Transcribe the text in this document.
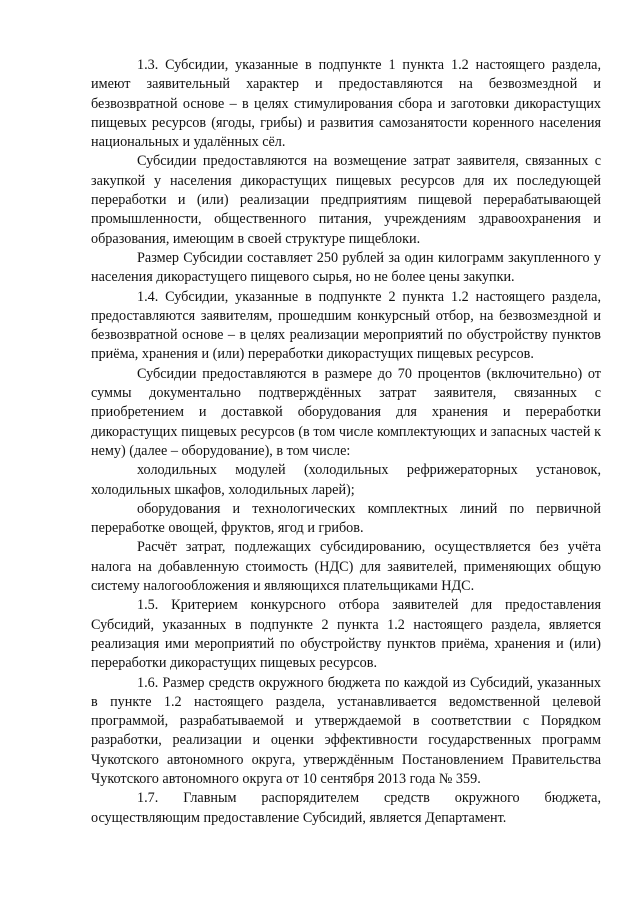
1.3. Субсидии, указанные в подпункте 1 пункта 1.2 настоящего раздела, имеют заявительный характер и предоставляются на безвозмездной и безвозвратной основе – в целях стимулирования сбора и заготовки дикорастущих пищевых ресурсов (ягоды, грибы) и развития самозанятости коренного населения национальных и удалённых сёл.

Субсидии предоставляются на возмещение затрат заявителя, связанных с закупкой у населения дикорастущих пищевых ресурсов для их последующей переработки и (или) реализации предприятиям пищевой перерабатывающей промышленности, общественного питания, учреждениям здравоохранения и образования, имеющим в своей структуре пищеблоки.

Размер Субсидии составляет 250 рублей за один килограмм закупленного у населения дикорастущего пищевого сырья, но не более цены закупки.

1.4. Субсидии, указанные в подпункте 2 пункта 1.2 настоящего раздела, предоставляются заявителям, прошедшим конкурсный отбор, на безвозмездной и безвозвратной основе – в целях реализации мероприятий по обустройству пунктов приёма, хранения и (или) переработки дикорастущих пищевых ресурсов.

Субсидии предоставляются в размере до 70 процентов (включительно) от суммы документально подтверждённых затрат заявителя, связанных с приобретением и доставкой оборудования для хранения и переработки дикорастущих пищевых ресурсов (в том числе комплектующих и запасных частей к нему) (далее – оборудование), в том числе:

холодильных модулей (холодильных рефрижераторных установок, холодильных шкафов, холодильных ларей);

оборудования и технологических комплектных линий по первичной переработке овощей, фруктов, ягод и грибов.

Расчёт затрат, подлежащих субсидированию, осуществляется без учёта налога на добавленную стоимость (НДС) для заявителей, применяющих общую систему налогообложения и являющихся плательщиками НДС.

1.5. Критерием конкурсного отбора заявителей для предоставления Субсидий, указанных в подпункте 2 пункта 1.2 настоящего раздела, является реализация ими мероприятий по обустройству пунктов приёма, хранения и (или) переработки дикорастущих пищевых ресурсов.

1.6. Размер средств окружного бюджета по каждой из Субсидий, указанных в пункте 1.2 настоящего раздела, устанавливается ведомственной целевой программой, разрабатываемой и утверждаемой в соответствии с Порядком разработки, реализации и оценки эффективности государственных программ Чукотского автономного округа, утверждённым Постановлением Правительства Чукотского автономного округа от 10 сентября 2013 года № 359.

1.7. Главным распорядителем средств окружного бюджета, осуществляющим предоставление Субсидий, является Департамент.
